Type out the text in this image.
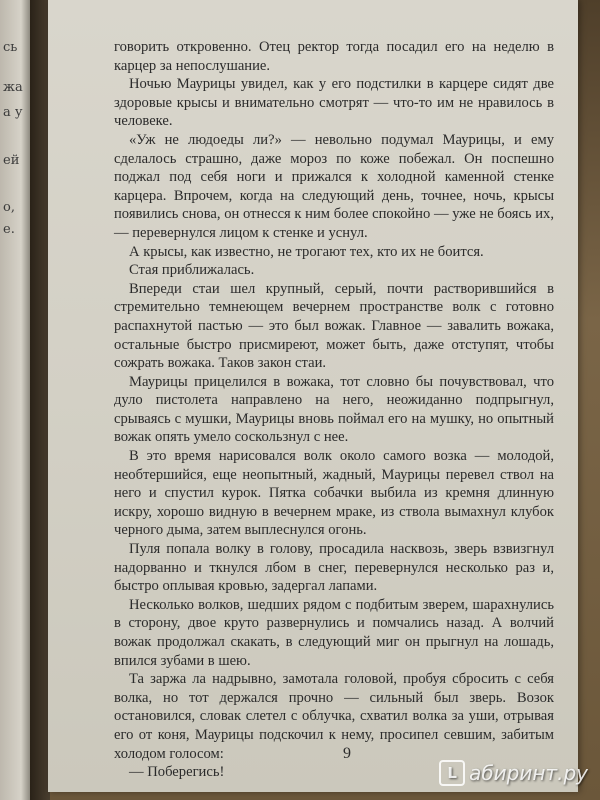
сь
жа
а у
ей
о,
е.

говорить откровенно. Отец ректор тогда посадил его на неделю в карцер за непослушание.

Ночью Маурицы увидел, как у его подстилки в карцере сидят две здоровые крысы и внимательно смотрят — что-то им не нравилось в человеке.

«Уж не людоеды ли?» — невольно подумал Маурицы, и ему сделалось страшно, даже мороз по коже побежал. Он поспешно поджал под себя ноги и прижался к холодной каменной стенке карцера. Впрочем, когда на следующий день, точнее, ночь, крысы появились снова, он отнесся к ним более спокойно — уже не боясь их, — перевернулся лицом к стенке и уснул.

А крысы, как известно, не трогают тех, кто их не боится.

Стая приближалась.

Впереди стаи шел крупный, серый, почти растворившийся в стремительно темнеющем вечернем пространстве волк с готовно распахнутой пастью — это был вожак. Главное — завалить вожака, остальные быстро присмиреют, может быть, даже отступят, чтобы сожрать вожака. Таков закон стаи.

Маурицы прицелился в вожака, тот словно бы почувствовал, что дуло пистолета направлено на него, неожиданно подпрыгнул, срываясь с мушки, Маурицы вновь поймал его на мушку, но опытный вожак опять умело соскользнул с нее.

В это время нарисовался волк около самого возка — молодой, необтершийся, еще неопытный, жадный, Маурицы перевел ствол на него и спустил курок. Пятка собачки выбила из кремня длинную искру, хорошо видную в вечернем мраке, из ствола вымахнул клубок черного дыма, затем выплеснулся огонь.

Пуля попала волку в голову, просадила насквозь, зверь взвизгнул надорванно и ткнулся лбом в снег, перевернулся несколько раз и, быстро оплывая кровью, задергал лапами.

Несколько волков, шедших рядом с подбитым зверем, шарахнулись в сторону, двое круто развернулись и помчались назад. А волчий вожак продолжал скакать, в следующий миг он прыгнул на лошадь, впился зубами в шею.

Та заржа ла надрывно, замотала головой, пробуя сбросить с себя волка, но тот держался прочно — сильный был зверь. Возок остановился, словак слетел с облучка, схватил волка за уши, отрывая его от коня, Маурицы подскочил к нему, просипел севшим, забитым холодом голосом:

— Поберегись!

9
L абиринт.ру
